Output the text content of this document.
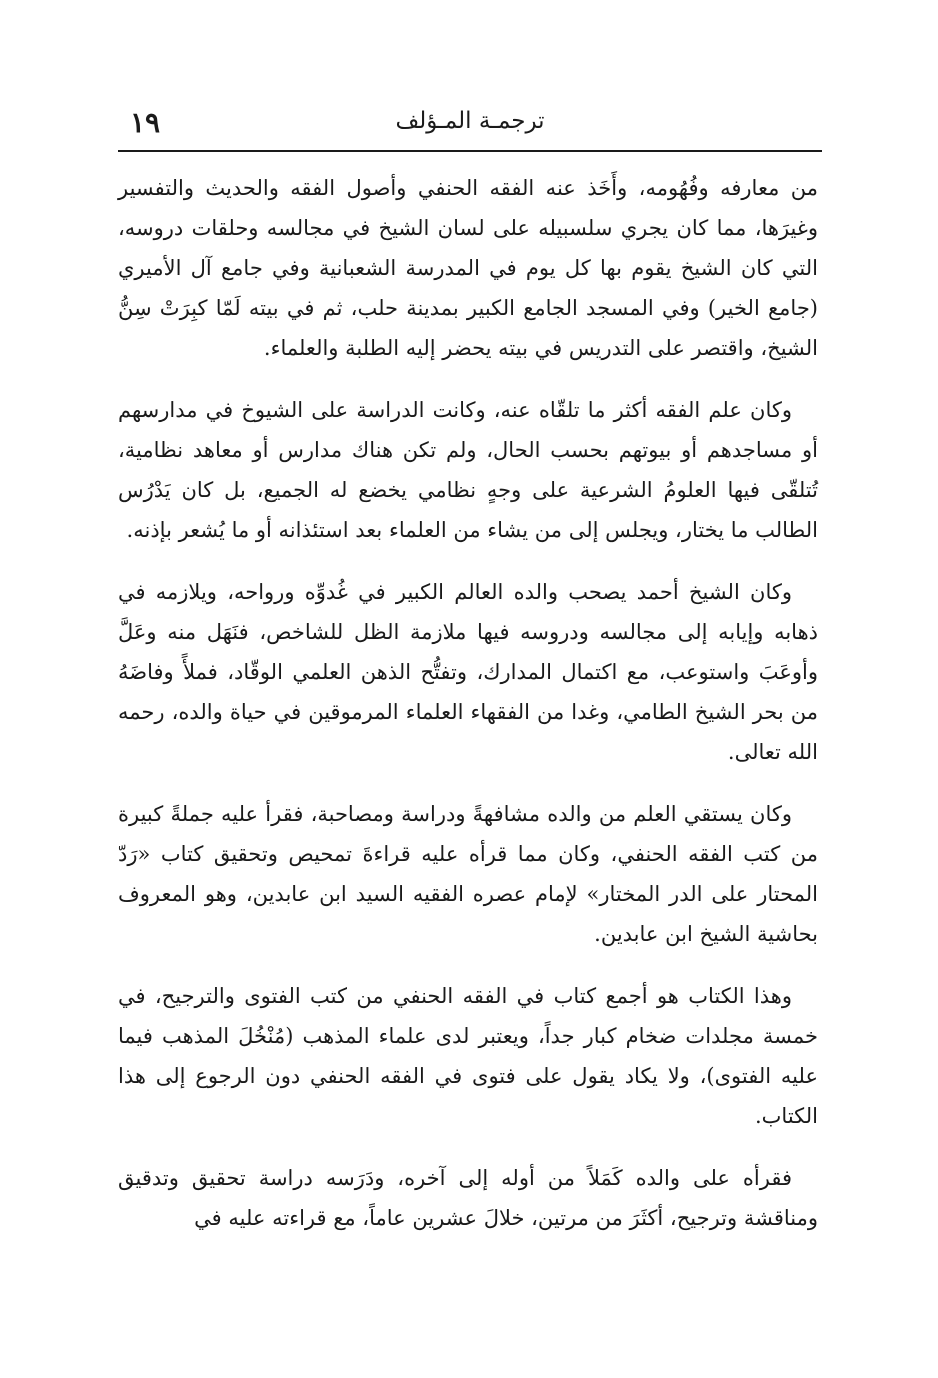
١٩	ترجمـة المـؤلف

من معارفه وفُهُومه، وأَخَذ عنه الفقه الحنفي وأصول الفقه والحديث والتفسير وغيرَها، مما كان يجري سلسبيله على لسان الشيخ في مجالسه وحلقات دروسه، التي كان الشيخ يقوم بها كل يوم في المدرسة الشعبانية وفي جامع آل الأميري (جامع الخير) وفي المسجد الجامع الكبير بمدينة حلب، ثم في بيته لَمّا كبِرَتْ سِنُّ الشيخ، واقتصر على التدريس في بيته يحضر إليه الطلبة والعلماء.

وكان علم الفقه أكثر ما تلقّاه عنه، وكانت الدراسة على الشيوخ في مدارسهم أو مساجدهم أو بيوتهم بحسب الحال، ولم تكن هناك مدارس أو معاهد نظامية، تُتلقّى فيها العلومُ الشرعية على وجهٍ نظامي يخضع له الجميع، بل كان يَدْرُس الطالب ما يختار، ويجلس إلى من يشاء من العلماء بعد استئذانه أو ما يُشعر بإذنه.

وكان الشيخ أحمد يصحب والده العالم الكبير في غُدوِّه ورواحه، ويلازمه في ذهابه وإيابه إلى مجالسه ودروسه فيها ملازمة الظل للشاخص، فنَهَل منه وعَلَّ وأوعَبَ واستوعب، مع اكتمال المدارك، وتفتُّح الذهن العلمي الوقّاد، فملأً وفاضَهُ من بحر الشيخ الطامي، وغدا من الفقهاء العلماء المرموقين في حياة والده، رحمه الله تعالى.

وكان يستقي العلم من والده مشافهةً ودراسة ومصاحبة، فقرأ عليه جملةً كبيرة من كتب الفقه الحنفي، وكان مما قرأه عليه قراءةَ تمحيص وتحقيق كتاب «رَدّ المحتار على الدر المختار» لإمام عصره الفقيه السيد ابن عابدين، وهو المعروف بحاشية الشيخ ابن عابدين.

وهذا الكتاب هو أجمع كتاب في الفقه الحنفي من كتب الفتوى والترجيح، في خمسة مجلدات ضخام كبار جداً، ويعتبر لدى علماء المذهب (مُنْخُلَ المذهب فيما عليه الفتوى)، ولا يكاد يقول على فتوى في الفقه الحنفي دون الرجوع إلى هذا الكتاب.

فقرأه على والده كَمَلاً من أوله إلى آخره، ودَرَسه دراسة تحقيق وتدقيق ومناقشة وترجيح، أكثَرَ من مرتين، خلالَ عشرين عاماً، مع قراءته عليه في
